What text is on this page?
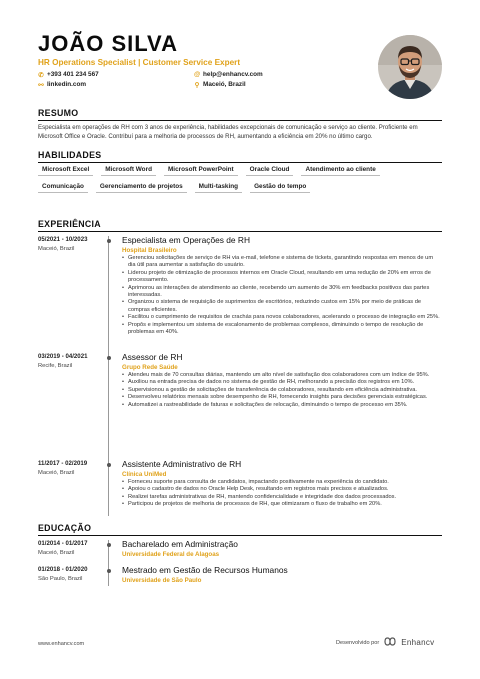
JOÃO SILVA
HR Operations Specialist | Customer Service Expert
✆ +393 401 234 567	@ help@enhancv.com
⚯ linkedin.com	⚲ Maceió, Brazil
RESUMO
Especialista em operações de RH com 3 anos de experiência, habilidades excepcionais de comunicação e serviço ao cliente. Proficiente em Microsoft Office e Oracle. Contribuí para a melhoria de processos de RH, aumentando a eficiência em 20% no último cargo.
HABILIDADES
Microsoft Excel	Microsoft Word	Microsoft PowerPoint	Oracle Cloud	Atendimento ao cliente
Comunicação	Gerenciamento de projetos	Multi-tasking	Gestão do tempo
EXPERIÊNCIA
05/2021 - 10/2023
Maceió, Brazil
Especialista em Operações de RH
Hospital Brasileiro
• Gerenciou solicitações de serviço de RH via e-mail, telefone e sistema de tickets, garantindo respostas em menos de um dia útil para aumentar a satisfação do usuário.
• Liderou projeto de otimização de processos internos em Oracle Cloud, resultando em uma redução de 20% em erros de processamento.
• Aprimorou as interações de atendimento ao cliente, recebendo um aumento de 30% em feedbacks positivos das partes interessadas.
• Organizou o sistema de requisição de suprimentos de escritórios, reduzindo custos em 15% por meio de práticas de compras eficientes.
• Facilitou o cumprimento de requisitos de crachás para novos colaboradores, acelerando o processo de integração em 25%.
• Propôs e implementou um sistema de escalonamento de problemas complexos, diminuindo o tempo de resolução de problemas em 40%.
03/2019 - 04/2021
Recife, Brazil
Assessor de RH
Grupo Rede Saúde
• Atendeu mais de 70 consultas diárias, mantendo um alto nível de satisfação dos colaboradores com um índice de 95%.
• Auxiliou na entrada precisa de dados no sistema de gestão de RH, melhorando a precisão dos registros em 10%.
• Supervisionou a gestão de solicitações de transferência de colaboradores, resultando em eficiência administrativa.
• Desenvolveu relatórios mensais sobre desempenho de RH, fornecendo insights para decisões gerenciais estratégicas.
• Automatizei a rastreabilidade de faturas e solicitações de relocação, diminuindo o tempo de processo em 35%.
11/2017 - 02/2019
Maceió, Brazil
Assistente Administrativo de RH
Clínica UniMed
• Forneceu suporte para consulta de candidatos, impactando positivamente na experiência do candidato.
• Apoiou o cadastro de dados no Oracle Help Desk, resultando em registros mais precisos e atualizados.
• Realizei tarefas administrativas de RH, mantendo confidencialidade e integridade dos dados processados.
• Participou de projetos de melhoria de processos de RH, que otimizaram o fluxo de trabalho em 20%.
EDUCAÇÃO
01/2014 - 01/2017
Maceió, Brazil
Bacharelado em Administração
Universidade Federal de Alagoas
01/2018 - 01/2020
São Paulo, Brazil
Mestrado em Gestão de Recursos Humanos
Universidade de São Paulo
www.enhancv.com	Desenvolvido por	Enhancv
